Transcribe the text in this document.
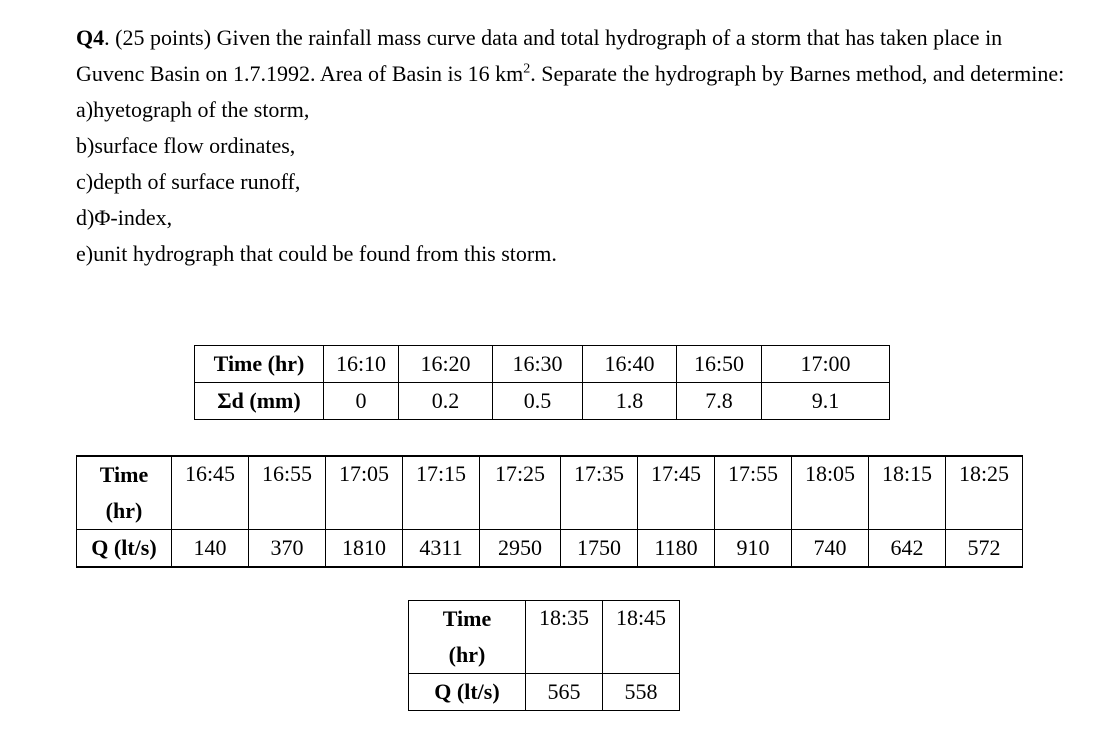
Q4. (25 points) Given the rainfall mass curve data and total hydrograph of a storm that has taken place in Guvenc Basin on 1.7.1992. Area of Basin is 16 $km^2$. Separate the hydrograph by Barnes method, and determine:

a)hyetograph of the storm,

b)surface flow ordinates,

c)depth of surface runoff,

d)Φ-index,

e)unit hydrograph that could be found from this storm.

Time (hr)	16:10	16:20	16:30	16:40	16:50	17:00
Σd (mm)	0	0.2	0.5	1.8	7.8	9.1
Time	16:45	16:55	17:05	17:15	17:25	17:35	17:45	17:55	18:05	18:15	18:25
(hr)											
Q (lt/s)	140	370	1810	4311	2950	1750	1180	910	740	642	572
Time	18:35	18:45
(hr)		
Q (lt/s)	565	558
